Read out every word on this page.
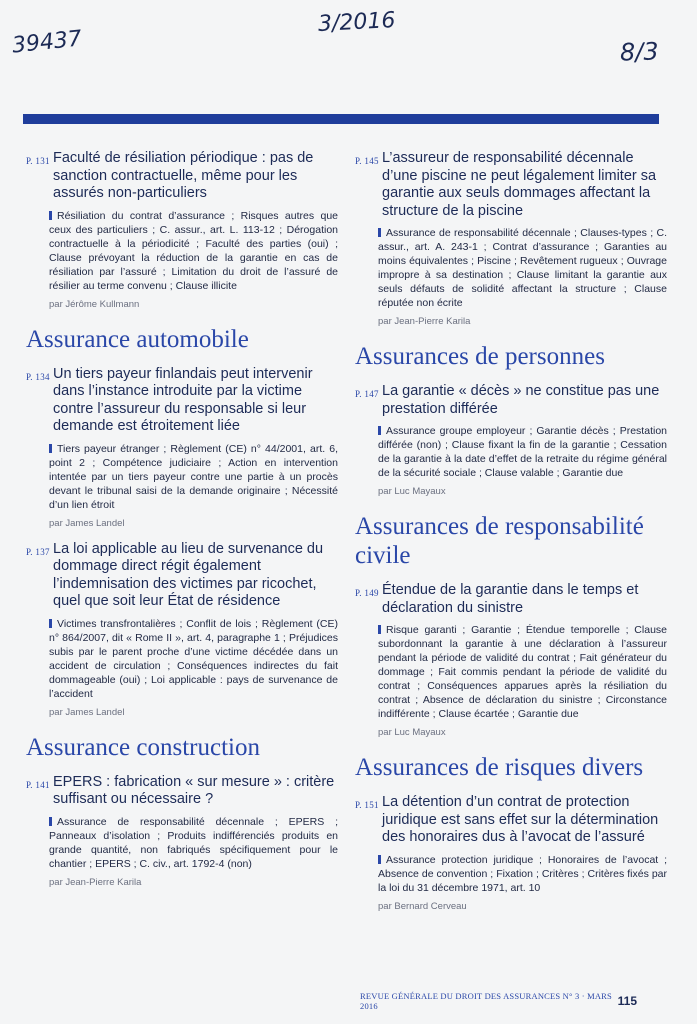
39437
3/2016
8/3
P. 131 Faculté de résiliation périodique : pas de sanction contractuelle, même pour les assurés non-particuliers
Résiliation du contrat d’assurance ; Risques autres que ceux des particuliers ; C. assur., art. L. 113-12 ; Dérogation contractuelle à la périodicité ; Faculté des parties (oui) ; Clause prévoyant la réduction de la garantie en cas de résiliation par l’assuré ; Limitation du droit de l’assuré de résilier au terme convenu ; Clause illicite
par Jérôme Kullmann
Assurance automobile
P. 134 Un tiers payeur finlandais peut intervenir dans l’instance introduite par la victime contre l’assureur du responsable si leur demande est étroitement liée
Tiers payeur étranger ; Règlement (CE) n° 44/2001, art. 6, point 2 ; Compétence judiciaire ; Action en intervention intentée par un tiers payeur contre une partie à un procès devant le tribunal saisi de la demande originaire ; Nécessité d’un lien étroit
par James Landel
P. 137 La loi applicable au lieu de survenance du dommage direct régit également l’indemnisation des victimes par ricochet, quel que soit leur État de résidence
Victimes transfrontalières ; Conflit de lois ; Règlement (CE) n° 864/2007, dit « Rome II », art. 4, paragraphe 1 ; Préjudices subis par le parent proche d’une victime décédée dans un accident de circulation ; Conséquences indirectes du fait dommageable (oui) ; Loi applicable : pays de survenance de l’accident
par James Landel
Assurance construction
P. 141 EPERS : fabrication « sur mesure » : critère suffisant ou nécessaire ?
Assurance de responsabilité décennale ; EPERS ; Panneaux d’isolation ; Produits indifférenciés produits en grande quantité, non fabriqués spécifiquement pour le chantier ; EPERS ; C. civ., art. 1792-4 (non)
par Jean-Pierre Karila
P. 145 L’assureur de responsabilité décennale d’une piscine ne peut légalement limiter sa garantie aux seuls dommages affectant la structure de la piscine
Assurance de responsabilité décennale ; Clauses-types ; C. assur., art. A. 243-1 ; Contrat d’assurance ; Garanties au moins équivalentes ; Piscine ; Revêtement rugueux ; Ouvrage impropre à sa destination ; Clause limitant la garantie aux seuls défauts de solidité affectant la structure ; Clause réputée non écrite
par Jean-Pierre Karila
Assurances de personnes
P. 147 La garantie « décès » ne constitue pas une prestation différée
Assurance groupe employeur ; Garantie décès ; Prestation différée (non) ; Clause fixant la fin de la garantie ; Cessation de la garantie à la date d’effet de la retraite du régime général de la sécurité sociale ; Clause valable ; Garantie due
par Luc Mayaux
Assurances de responsabilité civile
P. 149 Étendue de la garantie dans le temps et déclaration du sinistre
Risque garanti ; Garantie ; Étendue temporelle ; Clause subordonnant la garantie à une déclaration à l’assureur pendant la période de validité du contrat ; Fait générateur du dommage ; Fait commis pendant la période de validité du contrat ; Conséquences apparues après la résiliation du contrat ; Absence de déclaration du sinistre ; Circonstance indifférente ; Clause écartée ; Garantie due
par Luc Mayaux
Assurances de risques divers
P. 151 La détention d’un contrat de protection juridique est sans effet sur la détermination des honoraires dus à l’avocat de l’assuré
Assurance protection juridique ; Honoraires de l’avocat ; Absence de convention ; Fixation ; Critères ; Critères fixés par la loi du 31 décembre 1971, art. 10
par Bernard Cerveau
REVUE GÉNÉRALE DU DROIT DES ASSURANCES N° 3 · MARS 2016	115
